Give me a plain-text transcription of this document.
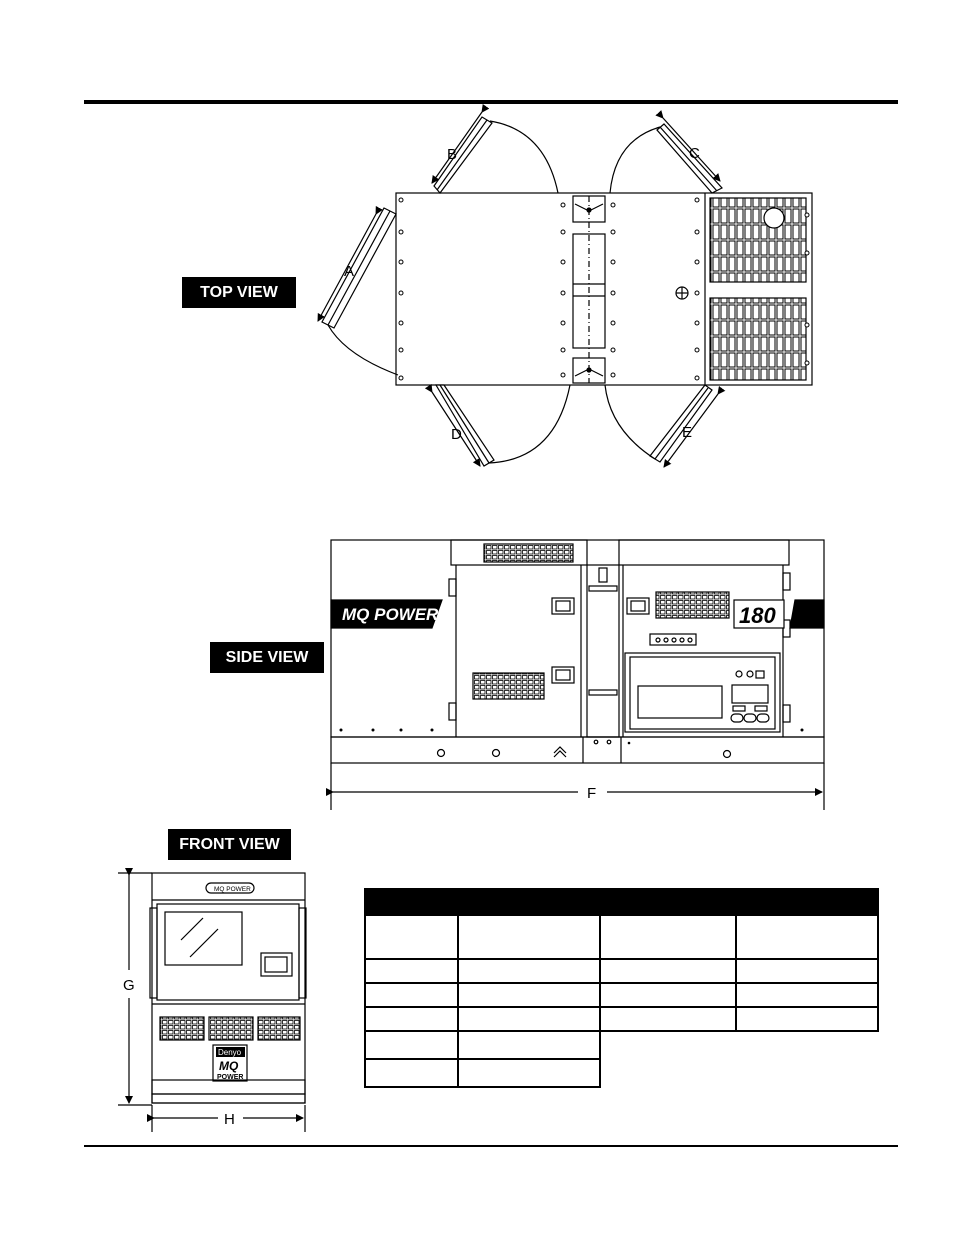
TOP VIEW
SIDE VIEW
FRONT VIEW
A
B	C
D	E
MQ POWER	180
F
MQ POWER
Denyo
MQ
POWER
G
H
